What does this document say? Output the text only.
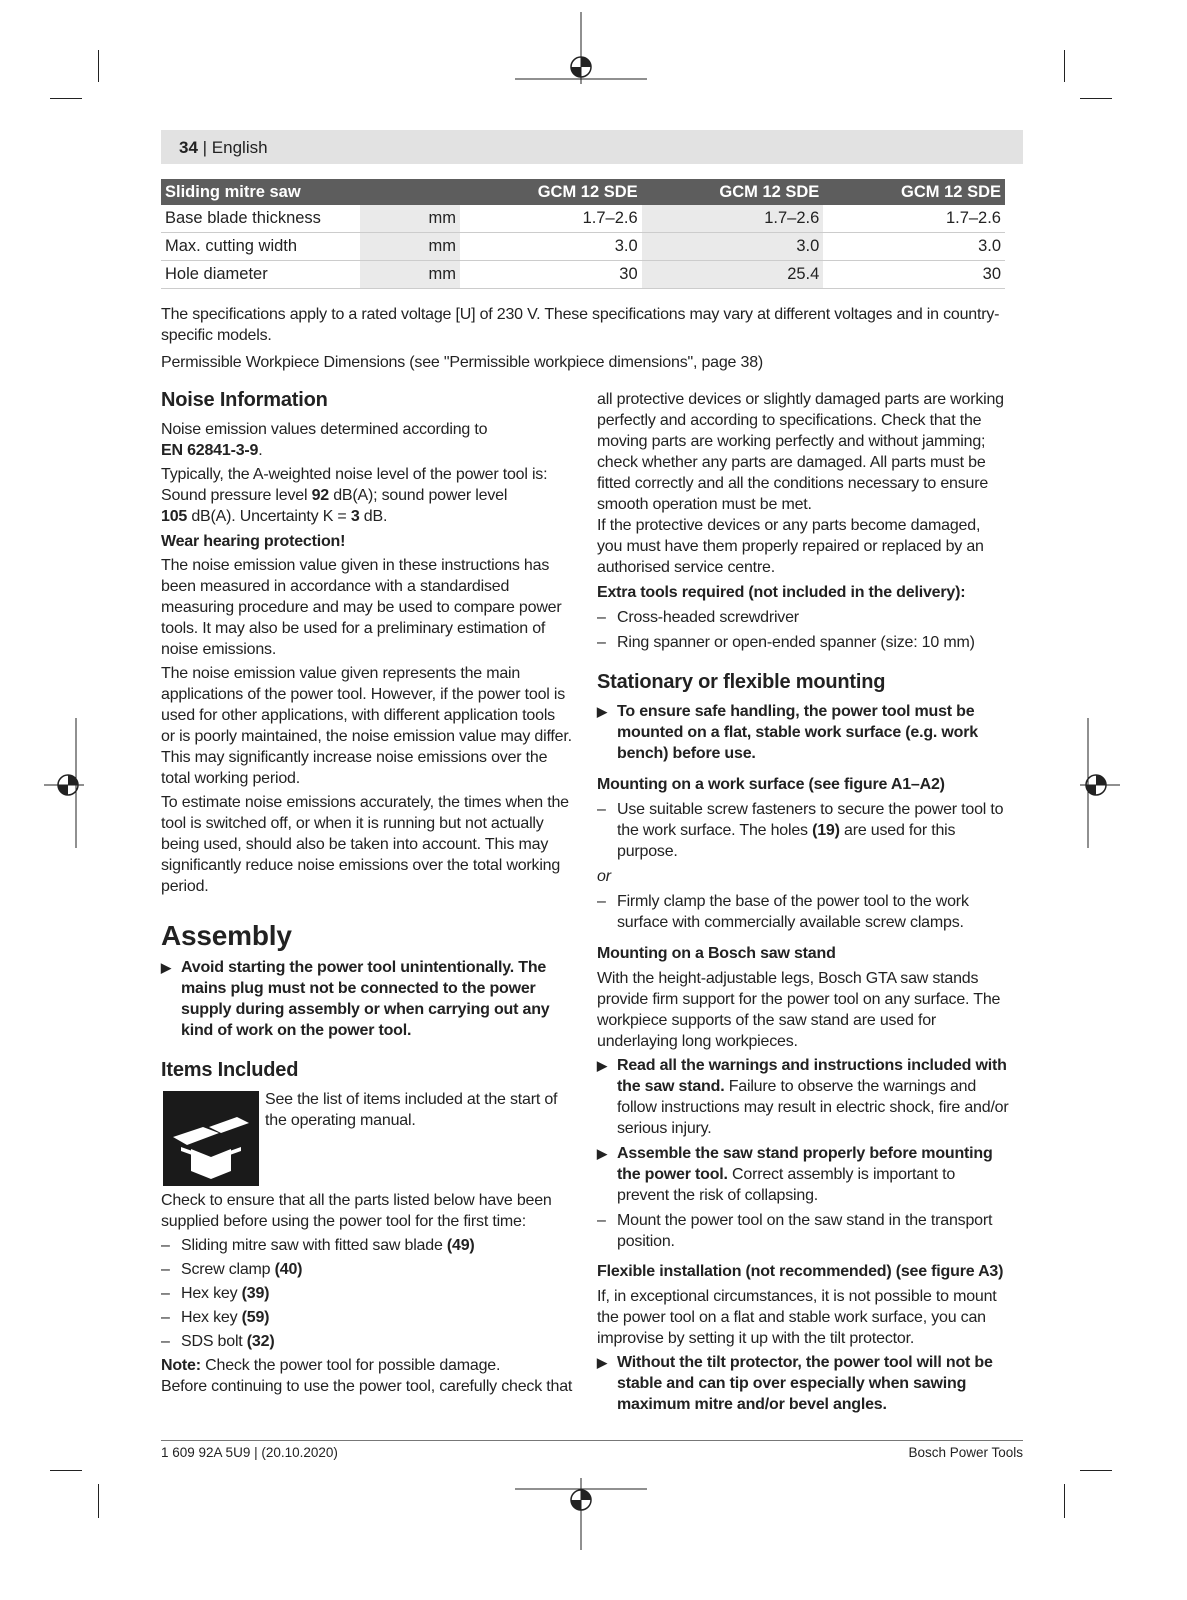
34 | English
Sliding mitre saw		GCM 12 SDE	GCM 12 SDE	GCM 12 SDE
Base blade thickness	mm	1.7–2.6	1.7–2.6	1.7–2.6
Max. cutting width	mm	3.0	3.0	3.0
Hole diameter	mm	30	25.4	30
The specifications apply to a rated voltage [U] of 230 V. These specifications may vary at different voltages and in country-specific models.
Permissible Workpiece Dimensions (see "Permissible workpiece dimensions", page 38)
Noise Information

Noise emission values determined according to
EN 62841-3-9.

Typically, the A-weighted noise level of the power tool is: Sound pressure level 92 dB(A); sound power level
105 dB(A). Uncertainty K = 3 dB.

Wear hearing protection!

The noise emission value given in these instructions has been measured in accordance with a standardised measuring procedure and may be used to compare power tools. It may also be used for a preliminary estimation of noise emissions.

The noise emission value given represents the main applications of the power tool. However, if the power tool is used for other applications, with different application tools or is poorly maintained, the noise emission value may differ. This may significantly increase noise emissions over the total working period.

To estimate noise emissions accurately, the times when the tool is switched off, or when it is running but not actually being used, should also be taken into account. This may significantly reduce noise emissions over the total working period.

Assembly
▶ Avoid starting the power tool unintentionally. The mains plug must not be connected to the power supply during assembly or when carrying out any kind of work on the power tool.
Items Included
See the list of items included at the start of the operating manual.

Check to ensure that all the parts listed below have been supplied before using the power tool for the first time:

– Sliding mitre saw with fitted saw blade (49)
– Screw clamp (40)
– Hex key (39)
– Hex key (59)
– SDS bolt (32)

Note: Check the power tool for possible damage.

Before continuing to use the power tool, carefully check that

all protective devices or slightly damaged parts are working perfectly and according to specifications. Check that the moving parts are working perfectly and without jamming; check whether any parts are damaged. All parts must be fitted correctly and all the conditions necessary to ensure smooth operation must be met.

If the protective devices or any parts become damaged, you must have them properly repaired or replaced by an authorised service centre.

Extra tools required (not included in the delivery):
– Cross-headed screwdriver
– Ring spanner or open-ended spanner (size: 10 mm)
Stationary or flexible mounting
▶ To ensure safe handling, the power tool must be mounted on a flat, stable work surface (e.g. work bench) before use.
Mounting on a work surface (see figure A1–A2)
– Use suitable screw fasteners to secure the power tool to the work surface. The holes (19) are used for this purpose.

or

– Firmly clamp the base of the power tool to the work surface with commercially available screw clamps.
Mounting on a Bosch saw stand

With the height-adjustable legs, Bosch GTA saw stands provide firm support for the power tool on any surface. The workpiece supports of the saw stand are used for underlaying long workpieces.

▶ Read all the warnings and instructions included with the saw stand. Failure to observe the warnings and follow instructions may result in electric shock, fire and/or serious injury.
▶ Assemble the saw stand properly before mounting the power tool. Correct assembly is important to prevent the risk of collapsing.
– Mount the power tool on the saw stand in the transport position.
Flexible installation (not recommended) (see figure A3)

If, in exceptional circumstances, it is not possible to mount the power tool on a flat and stable work surface, you can improvise by setting it up with the tilt protector.

▶ Without the tilt protector, the power tool will not be stable and can tip over especially when sawing maximum mitre and/or bevel angles.
1 609 92A 5U9 | (20.10.2020)	Bosch Power Tools
